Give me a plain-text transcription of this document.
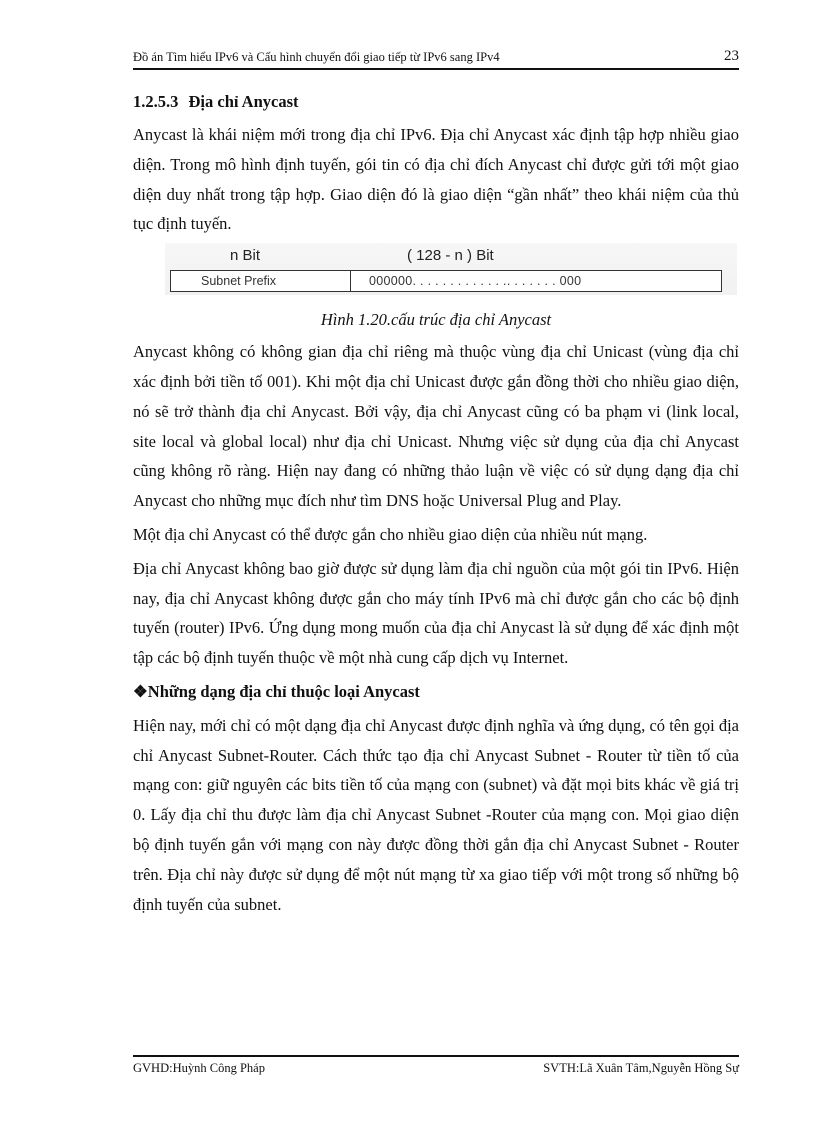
Đồ án Tìm hiểu IPv6 và Cấu hình chuyển đổi giao tiếp từ IPv6 sang IPv4	23
1.2.5.3 Địa chỉ Anycast

Anycast là khái niệm mới trong địa chỉ IPv6. Địa chỉ Anycast xác định tập hợp nhiều giao diện. Trong mô hình định tuyến, gói tin có địa chỉ đích Anycast chỉ được gửi tới một giao diện duy nhất trong tập hợp. Giao diện đó là giao diện “gần nhất” theo khái niệm của thủ tục định tuyến.

n Bit	( 128 - n ) Bit
Subnet Prefix	000000. . . . . . . . . . . . .. . . . . . . 000
Hình 1.20.cấu trúc địa chỉ Anycast

Anycast không có không gian địa chỉ riêng mà thuộc vùng địa chỉ Unicast (vùng địa chỉ xác định bởi tiền tố 001). Khi một địa chỉ Unicast được gắn đồng thời cho nhiều giao diện, nó sẽ trở thành địa chỉ Anycast. Bởi vậy, địa chỉ Anycast cũng có ba phạm vi (link local, site local và global local) như địa chỉ Unicast. Nhưng việc sử dụng của địa chỉ Anycast cũng không rõ ràng. Hiện nay đang có những thảo luận về việc có sử dụng dạng địa chỉ Anycast cho những mục đích như tìm DNS hoặc Universal Plug and Play.

Một địa chỉ Anycast có thể được gắn cho nhiều giao diện của nhiều nút mạng.

Địa chỉ Anycast không bao giờ được sử dụng làm địa chỉ nguồn của một gói tin IPv6. Hiện nay, địa chỉ Anycast không được gắn cho máy tính IPv6 mà chỉ được gắn cho các bộ định tuyến (router) IPv6. Ứng dụng mong muốn của địa chỉ Anycast là sử dụng để xác định một tập các bộ định tuyến thuộc về một nhà cung cấp dịch vụ Internet.

❖Những dạng địa chỉ thuộc loại Anycast

Hiện nay, mới chỉ có một dạng địa chỉ Anycast được định nghĩa và ứng dụng, có tên gọi địa chỉ Anycast Subnet-Router. Cách thức tạo địa chỉ Anycast Subnet - Router từ tiền tố của mạng con: giữ nguyên các bits tiền tố của mạng con (subnet) và đặt mọi bits khác về giá trị 0. Lấy địa chỉ thu được làm địa chỉ Anycast Subnet -Router của mạng con. Mọi giao diện bộ định tuyến gắn với mạng con này được đồng thời gắn địa chỉ Anycast Subnet - Router trên. Địa chỉ này được sử dụng để một nút mạng từ xa giao tiếp với một trong số những bộ định tuyến của subnet.

GVHD:Huỳnh Công Pháp	SVTH:Lã Xuân Tâm,Nguyễn Hồng Sự
